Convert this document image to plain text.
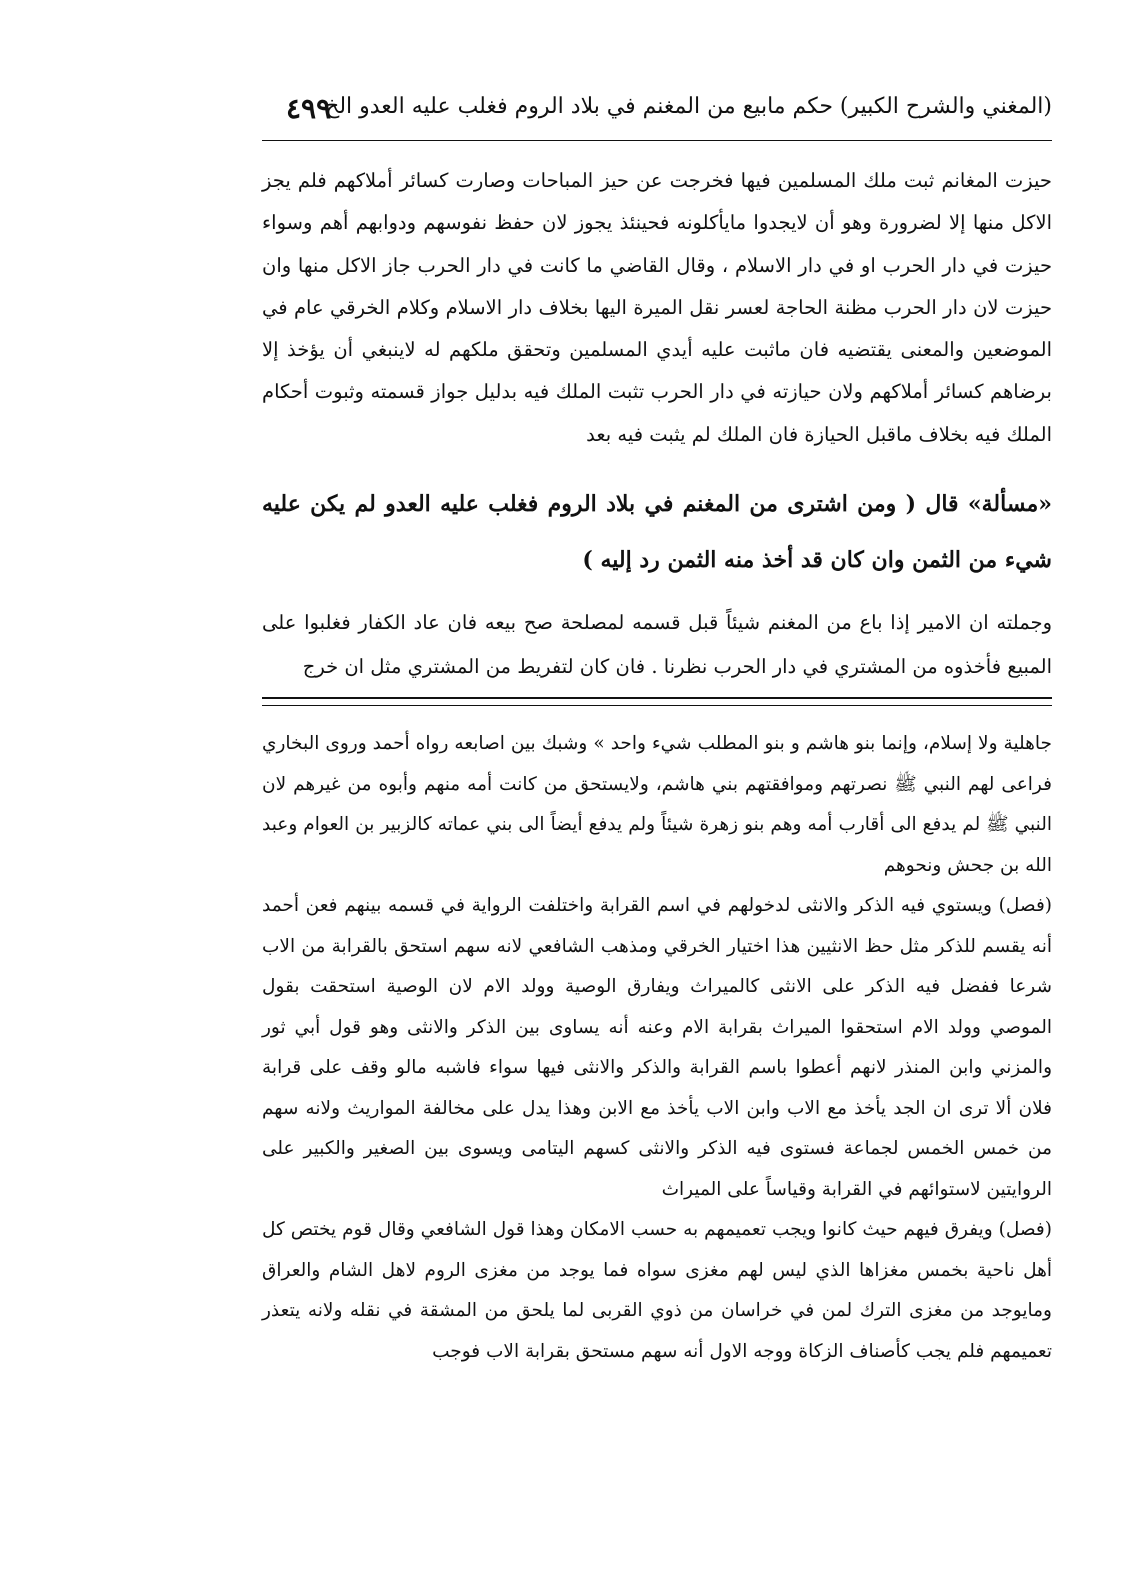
(المغني والشرح الكبير) حكم مابيع من المغنم في بلاد الروم فغلب عليه العدو الخ
٤٩٩

حيزت المغانم ثبت ملك المسلمين فيها فخرجت عن حيز المباحات وصارت كسائر أملاكهم فلم يجز الاكل منها إلا لضرورة وهو أن لايجدوا مايأكلونه فحينئذ يجوز لان حفظ نفوسهم ودوابهم أهم وسواء حيزت في دار الحرب او في دار الاسلام ، وقال القاضي ما كانت في دار الحرب جاز الاكل منها وان حيزت لان دار الحرب مظنة الحاجة لعسر نقل الميرة اليها بخلاف دار الاسلام وكلام الخرقي عام في الموضعين والمعنى يقتضيه فان ماثبت عليه أيدي المسلمين وتحقق ملكهم له لاينبغي أن يؤخذ إلا برضاهم كسائر أملاكهم ولان حيازته في دار الحرب تثبت الملك فيه بدليل جواز قسمته وثبوت أحكام الملك فيه بخلاف ماقبل الحيازة فان الملك لم يثبت فيه بعد

«مسألة» قال ( ومن اشترى من المغنم في بلاد الروم فغلب عليه العدو لم يكن عليه شيء من الثمن وان كان قد أخذ منه الثمن رد إليه )

وجملته ان الامير إذا باع من المغنم شيئاً قبل قسمه لمصلحة صح بيعه فان عاد الكفار فغلبوا على المبيع فأخذوه من المشتري في دار الحرب نظرنا . فان كان لتفريط من المشتري مثل ان خرج

جاهلية ولا إسلام، وإنما بنو هاشم و بنو المطلب شيء واحد » وشبك بين اصابعه رواه أحمد وروى البخاري فراعى لهم النبي ﷺ نصرتهم وموافقتهم بني هاشم، ولايستحق من كانت أمه منهم وأبوه من غيرهم لان النبي ﷺ لم يدفع الى أقارب أمه وهم بنو زهرة شيئاً ولم يدفع أيضاً الى بني عماته كالزبير بن العوام وعبد الله بن جحش ونحوهم

(فصل) ويستوي فيه الذكر والانثى لدخولهم في اسم القرابة واختلفت الرواية في قسمه بينهم فعن أحمد أنه يقسم للذكر مثل حظ الانثيين هذا اختيار الخرقي ومذهب الشافعي لانه سهم استحق بالقرابة من الاب شرعا ففضل فيه الذكر على الانثى كالميراث ويفارق الوصية وولد الام لان الوصية استحقت بقول الموصي وولد الام استحقوا الميراث بقرابة الام وعنه أنه يساوى بين الذكر والانثى وهو قول أبي ثور والمزني وابن المنذر لانهم أعطوا باسم القرابة والذكر والانثى فيها سواء فاشبه مالو وقف على قرابة فلان ألا ترى ان الجد يأخذ مع الاب وابن الاب يأخذ مع الابن وهذا يدل على مخالفة المواريث ولانه سهم من خمس الخمس لجماعة فستوى فيه الذكر والانثى كسهم اليتامى ويسوى بين الصغير والكبير على الروايتين لاستوائهم في القرابة وقياساً على الميراث

(فصل) ويفرق فيهم حيث كانوا ويجب تعميمهم به حسب الامكان وهذا قول الشافعي وقال قوم يختص كل أهل ناحية بخمس مغزاها الذي ليس لهم مغزى سواه فما يوجد من مغزى الروم لاهل الشام والعراق ومايوجد من مغزى الترك لمن في خراسان من ذوي القربى لما يلحق من المشقة في نقله ولانه يتعذر تعميمهم فلم يجب كأصناف الزكاة ووجه الاول أنه سهم مستحق بقرابة الاب فوجب
